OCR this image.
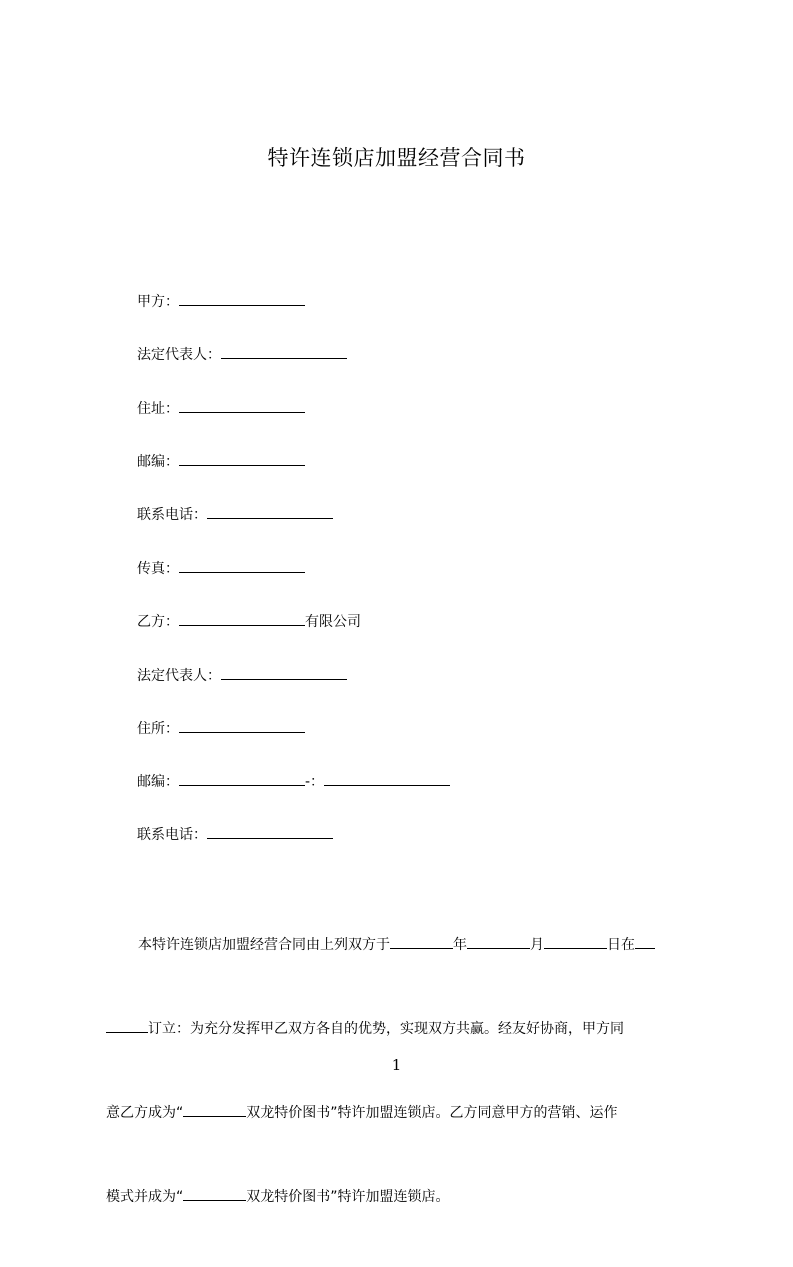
特许连锁店加盟经营合同书
甲方：
法定代表人：
住址：
邮编：
联系电话：
传真：
乙方：	有限公司
法定代表人：
住所：
邮编：	-：
联系电话：

本特许连锁店加盟经营合同由上列双方于	年	月	日在

订立：为充分发挥甲乙双方各自的优势，实现双方共赢。经友好协商，甲方同

意乙方成为“	双龙特价图书”特许加盟连锁店。乙方同意甲方的营销、运作

模式并成为“	双龙特价图书”特许加盟连锁店。

1
